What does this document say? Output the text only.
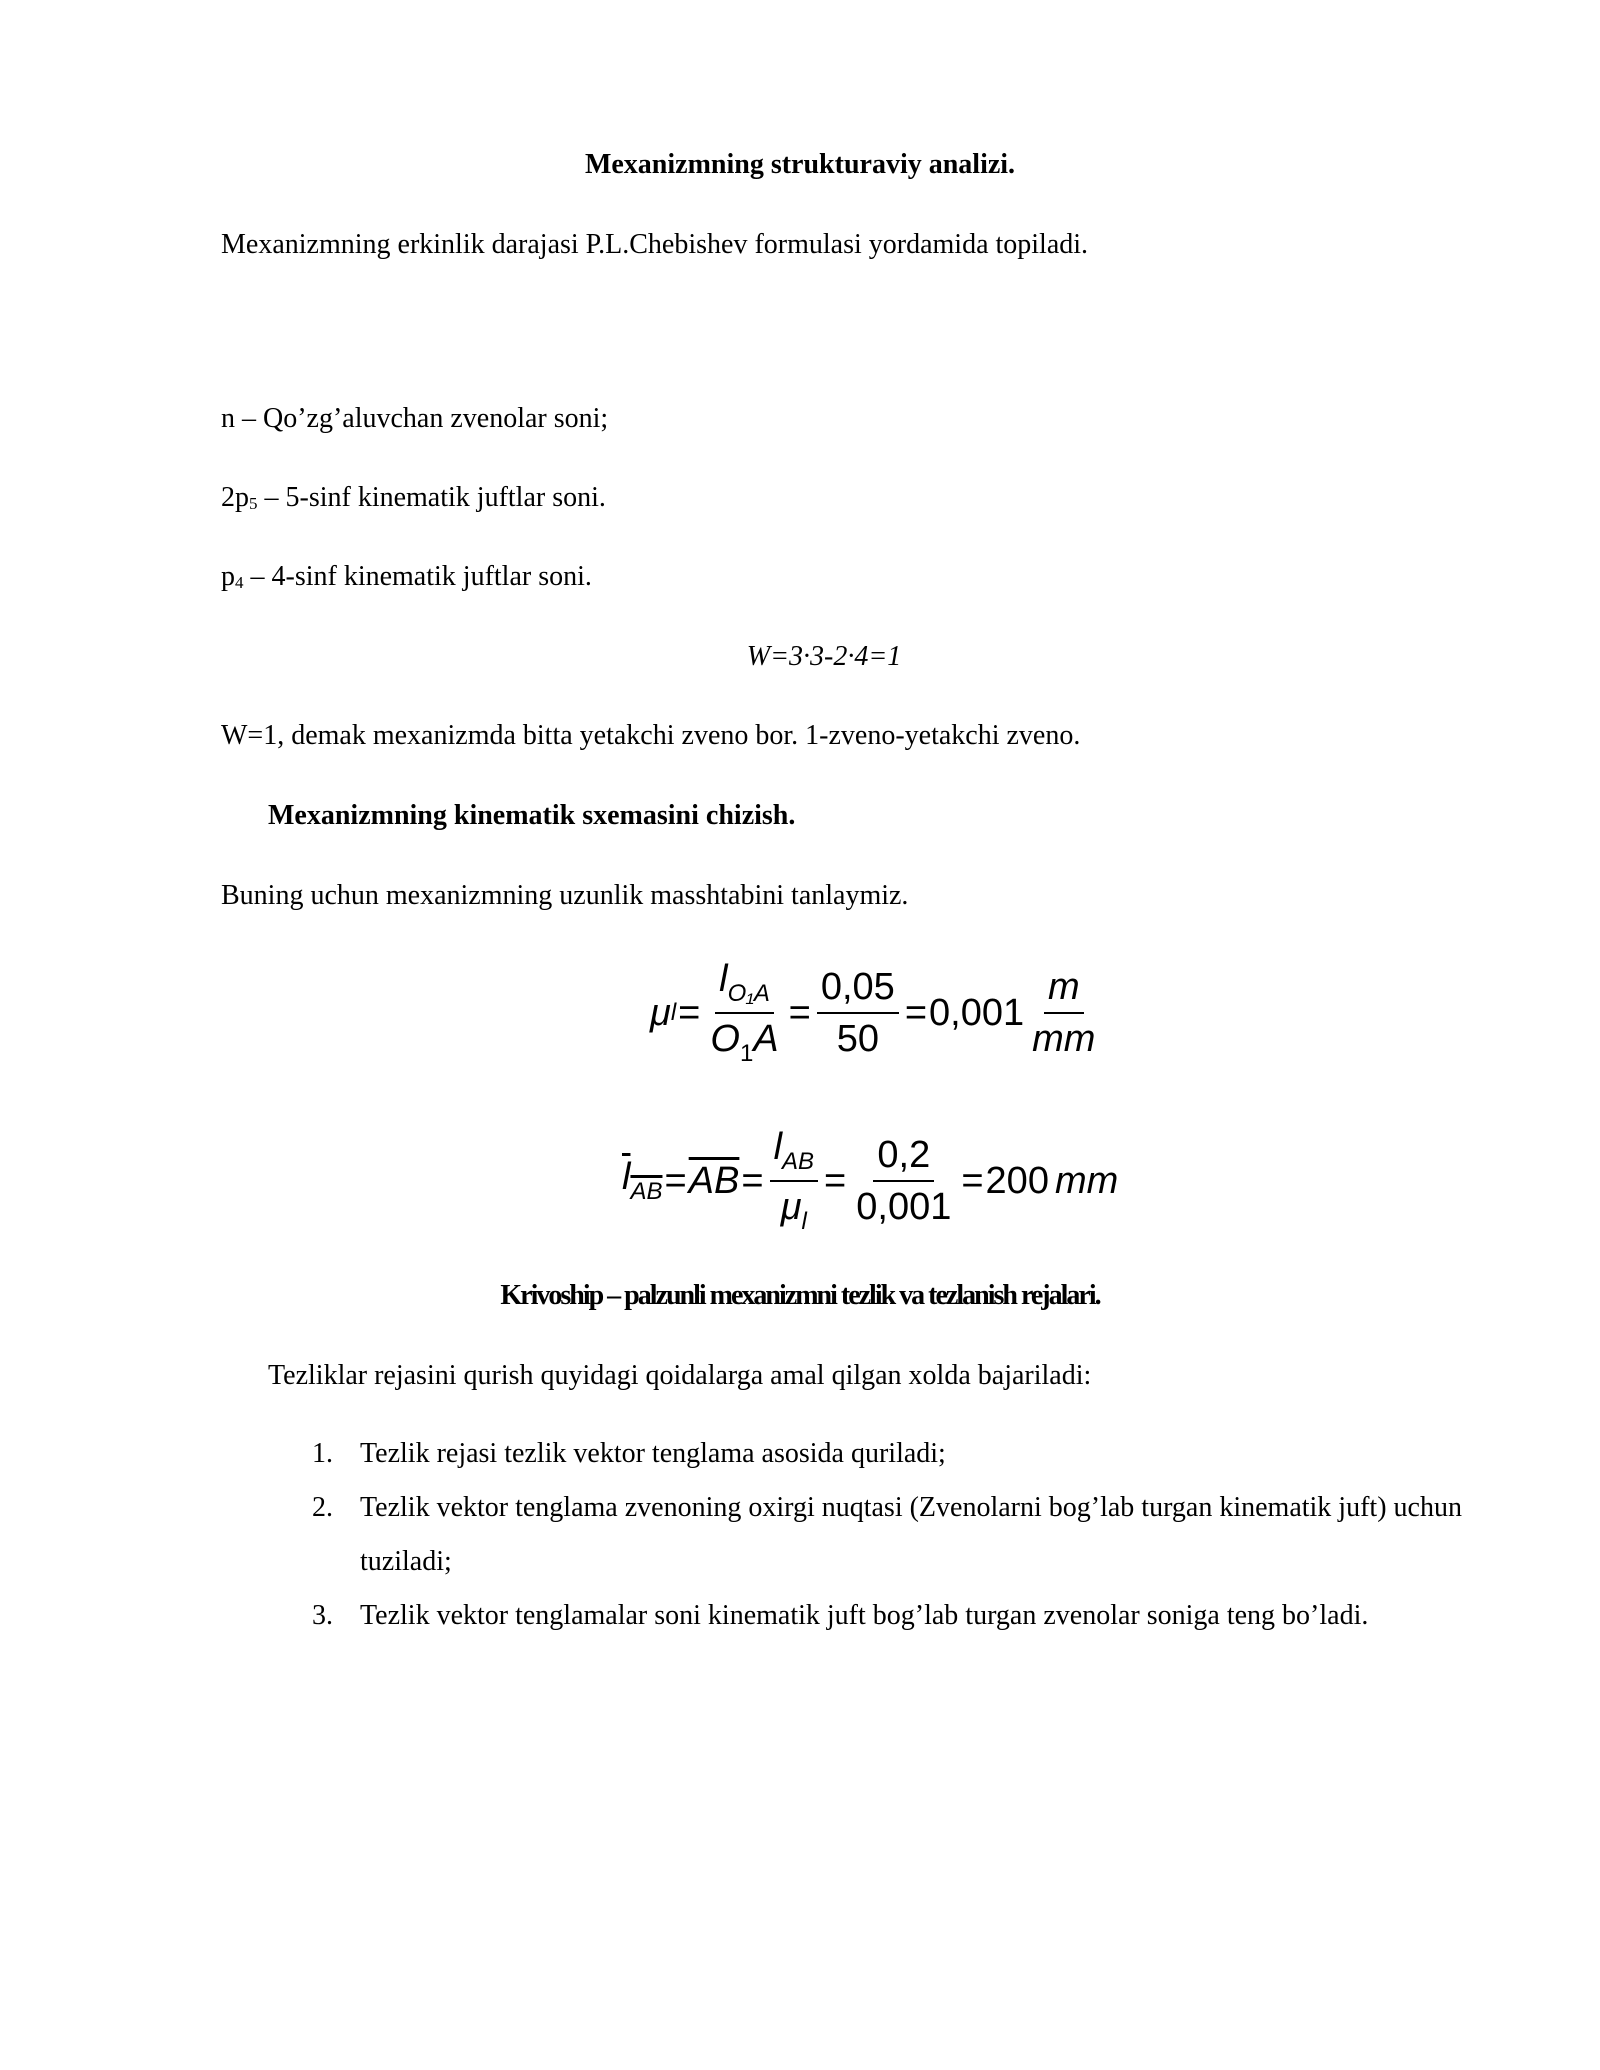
Mexanizmning strukturaviy analizi.
Mexanizmning erkinlik darajasi P.L.Chebishev formulasi yordamida topiladi.
n – Qo’zg’aluvchan zvenolar soni;
$2p_5 - 5-\sin f$ kinematik juftlar soni.
$p_4 - 4-\sin f$ kinematik juftlar soni.
W=3·3-2·4=1
W=1, demak mexanizmda bitta yetakchi zveno bor. 1-zveno-yetakchi zveno.
Mexanizmning kinematik sxemasini chizish.
Buning uchun mexanizmning uzunlik masshtabini tanlaymiz.
μ $l = \frac{l_{O_1A}}{O_1A} = \frac{0,05}{50} = 0,001 \frac{m}{mm}$
$l_{AB} = \overline{AB} = \frac{l_{AB}}{\mu_l} = \frac{0,2}{0,001} = 200$ mm
Krivoship – palzunli mexanizmni tezlik va tezlanish rejalari.
Tezliklar rejasini qurish quyidagi qoidalarga amal qilgan xolda bajariladi:
1. Tezlik rejasi tezlik vektor tenglama asosida quriladi;
2. Tezlik vektor tenglama zvenoning oxirgi nuqtasi (Zvenolarni bog’lab turgan kinematik juft) uchun tuziladi;
3. Tezlik vektor tenglamalar soni kinematik juft bog’lab turgan zvenolar soniga teng bo’ladi.
